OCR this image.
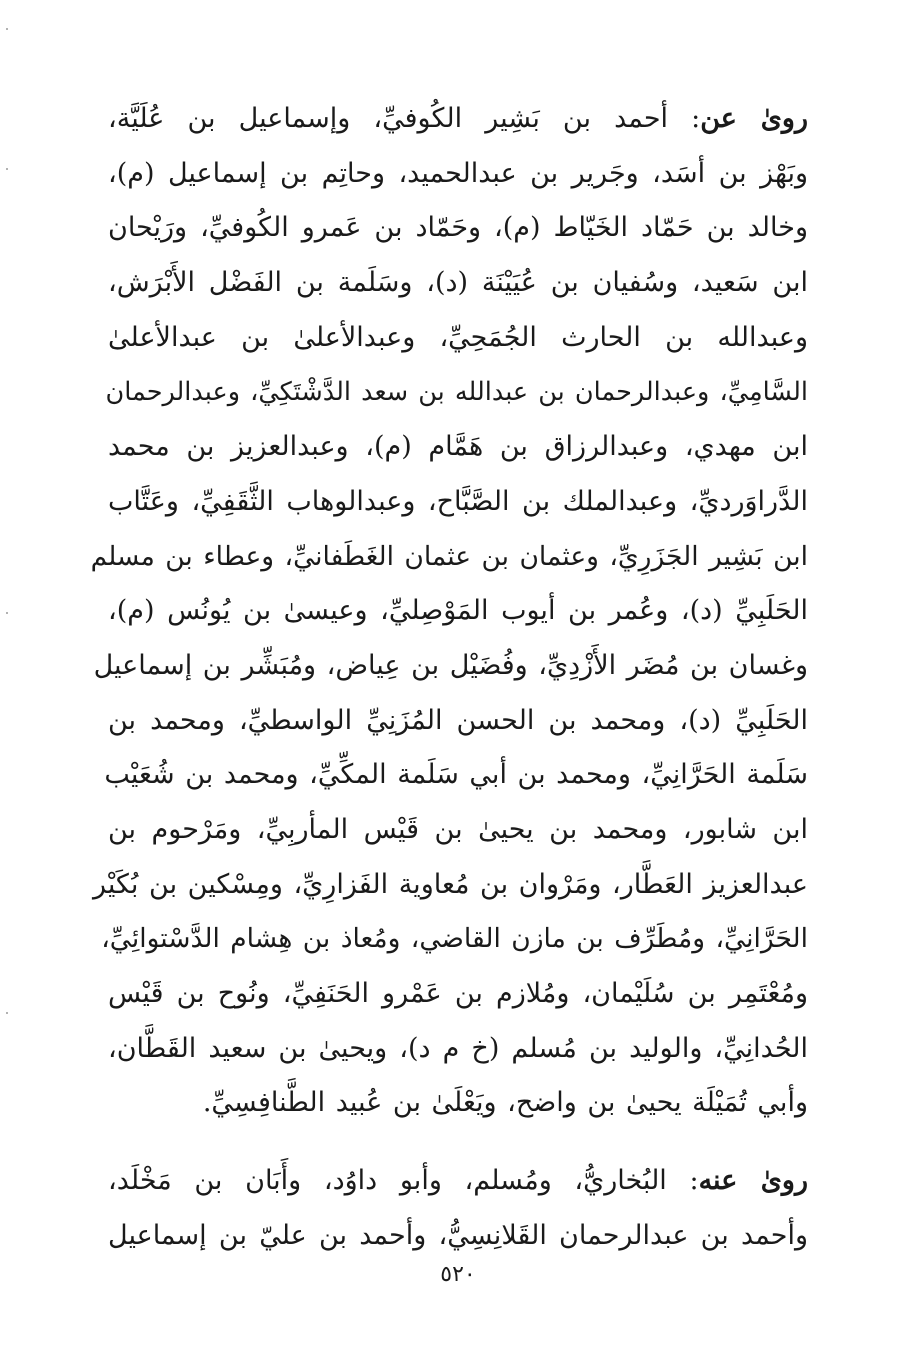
روىٰ عن: أحمد بن بَشِير الكُوفيِّ، وإسماعيل بن عُلَيَّة،
وبَهْز بن أسَد، وجَرير بن عبدالحميد، وحاتِم بن إسماعيل (م)،
وخالد بن حَمّاد الخَيّاط (م)، وحَمّاد بن عَمرو الكُوفيِّ، ورَيْحان
ابن سَعيد، وسُفيان بن عُيَيْنَة (د)، وسَلَمة بن الفَضْل الأَبْرَش،
وعبدالله بن الحارث الجُمَحِيِّ، وعبدالأعلىٰ بن عبدالأعلىٰ
السَّامِيِّ، وعبدالرحمان بن عبدالله بن سعد الدَّشْتَكِيِّ، وعبدالرحمان
ابن مهدي، وعبدالرزاق بن هَمَّام (م)، وعبدالعزيز بن محمد
الدَّراوَرديِّ، وعبدالملك بن الصَّبَّاح، وعبدالوهاب الثَّقَفِيِّ، وعَتَّاب
ابن بَشِير الجَزَرِيِّ، وعثمان بن عثمان الغَطَفانيِّ، وعطاء بن مسلم
الحَلَبِيِّ (د)، وعُمر بن أيوب المَوْصِليِّ، وعيسىٰ بن يُونُس (م)،
وغسان بن مُضَر الأَزْدِيِّ، وفُضَيْل بن عِياض، ومُبَشِّر بن إسماعيل
الحَلَبِيِّ (د)، ومحمد بن الحسن المُزَنِيِّ الواسطيِّ، ومحمد بن
سَلَمة الحَرَّانِيِّ، ومحمد بن أبي سَلَمة المكِّيِّ، ومحمد بن شُعَيْب
ابن شابور، ومحمد بن يحيىٰ بن قَيْس المأربِيِّ، ومَرْحوم بن
عبدالعزيز العَطَّار، ومَرْوان بن مُعاوية الفَزارِيِّ، ومِسْكين بن بُكَيْر
الحَرَّانِيِّ، ومُطَرِّف بن مازن القاضي، ومُعاذ بن هِشام الدَّسْتوائِيِّ،
ومُعْتَمِر بن سُلَيْمان، ومُلازم بن عَمْرو الحَنَفِيِّ، ونُوح بن قَيْس
الحُدانِيِّ، والوليد بن مُسلم (خ م د)، ويحيىٰ بن سعيد القَطَّان،
وأبي تُمَيْلَة يحيىٰ بن واضح، ويَعْلَىٰ بن عُبيد الطَّنافِسِيِّ.
روىٰ عنه: البُخاريُّ، ومُسلم، وأبو داوُد، وأَبَان بن مَخْلَد،
وأحمد بن عبدالرحمان القَلانِسِيُّ، وأحمد بن عليّ بن إسماعيل
٥٢٠
